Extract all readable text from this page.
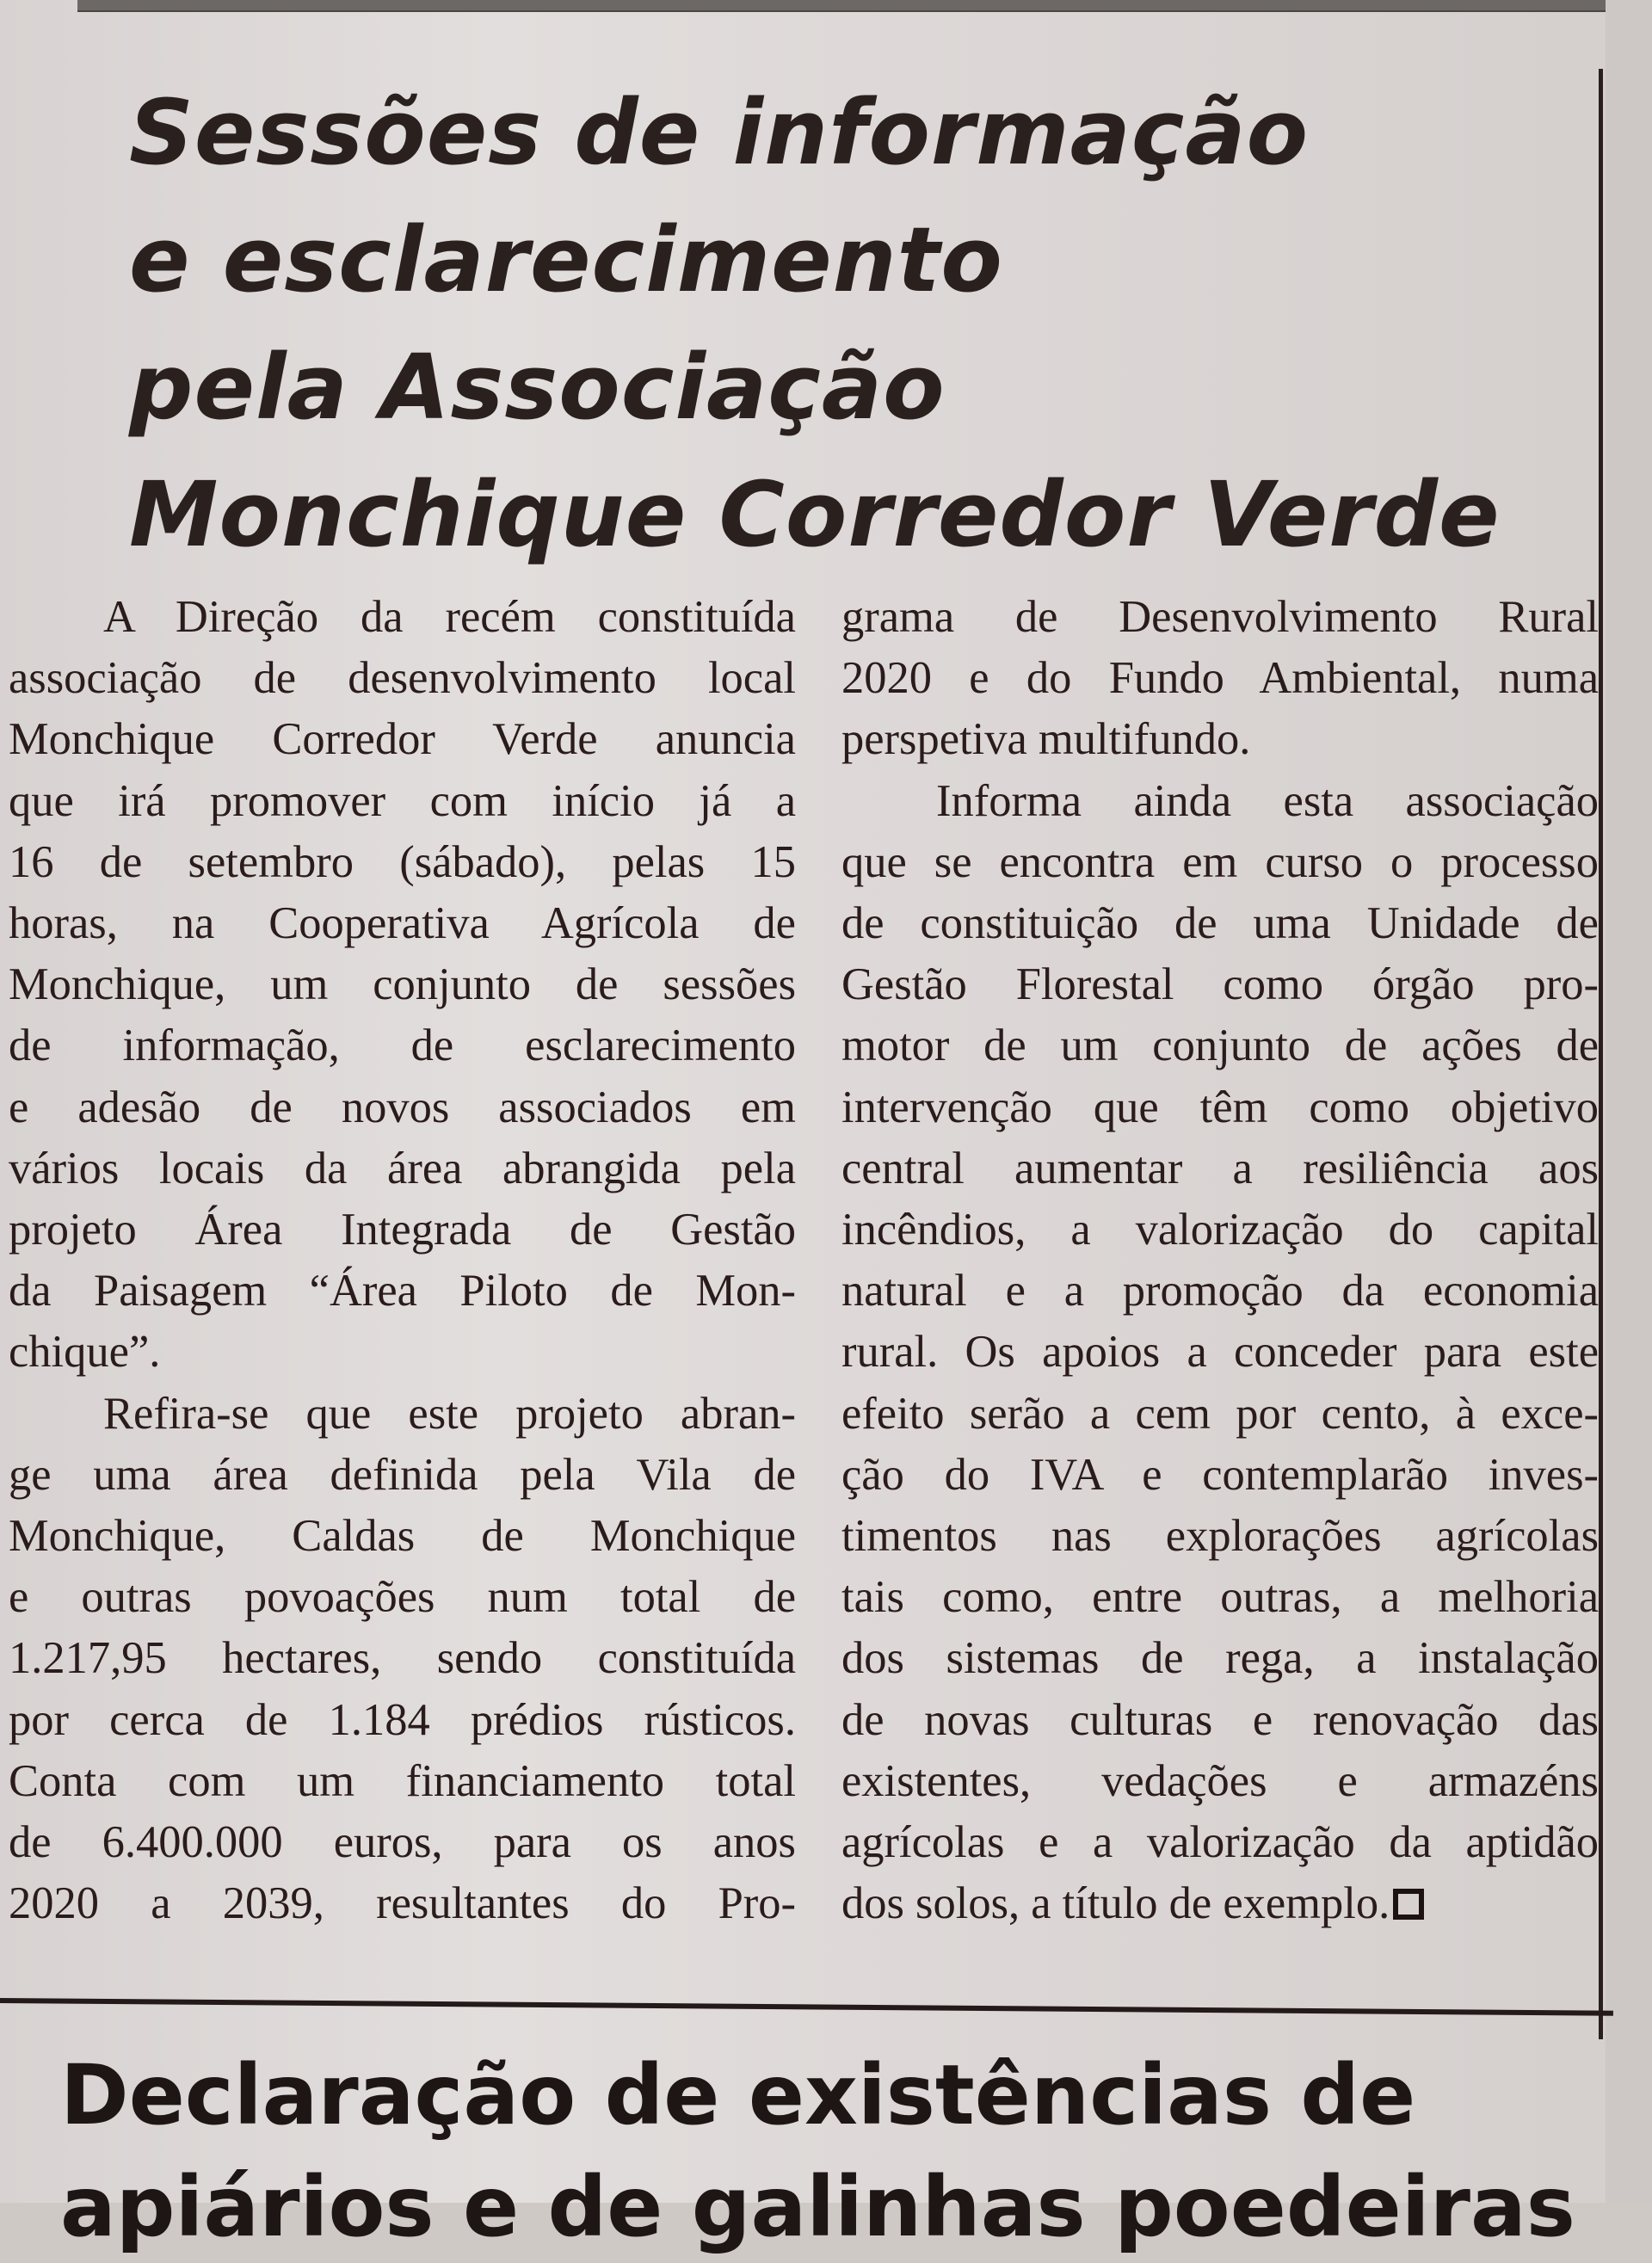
Sessões de informação
e esclarecimento
pela Associação
Monchique Corredor Verde

A Direção da recém constituída

associação de desenvolvimento local
Monchique Corredor Verde anuncia
que irá promover com início já a
16 de setembro (sábado), pelas 15
horas, na Cooperativa Agrícola de
Monchique, um conjunto de sessões
de informação, de esclarecimento
e adesão de novos associados em
vários locais da área abrangida pela
projeto Área Integrada de Gestão
da Paisagem “Área Piloto de Mon-
chique”.

Refira-se que este projeto abran-

ge uma área definida pela Vila de
Monchique, Caldas de Monchique
e outras povoações num total de
1.217,95 hectares, sendo constituída
por cerca de 1.184 prédios rústicos.
Conta com um financiamento total
de 6.400.000 euros, para os anos
2020 a 2039, resultantes do Pro-
grama de Desenvolvimento Rural
2020 e do Fundo Ambiental, numa
perspetiva multifundo.

Informa ainda esta associação

que se encontra em curso o processo
de constituição de uma Unidade de
Gestão Florestal como órgão pro-
motor de um conjunto de ações de
intervenção que têm como objetivo
central aumentar a resiliência aos
incêndios, a valorização do capital
natural e a promoção da economia
rural. Os apoios a conceder para este
efeito serão a cem por cento, à exce-
ção do IVA e contemplarão inves-
timentos nas explorações agrícolas
tais como, entre outras, a melhoria
dos sistemas de rega, a instalação
de novas culturas e renovação das
existentes, vedações e armazéns
agrícolas e a valorização da aptidão
dos solos, a título de exemplo.
Declaração de existências de
apiários e de galinhas poedeiras
